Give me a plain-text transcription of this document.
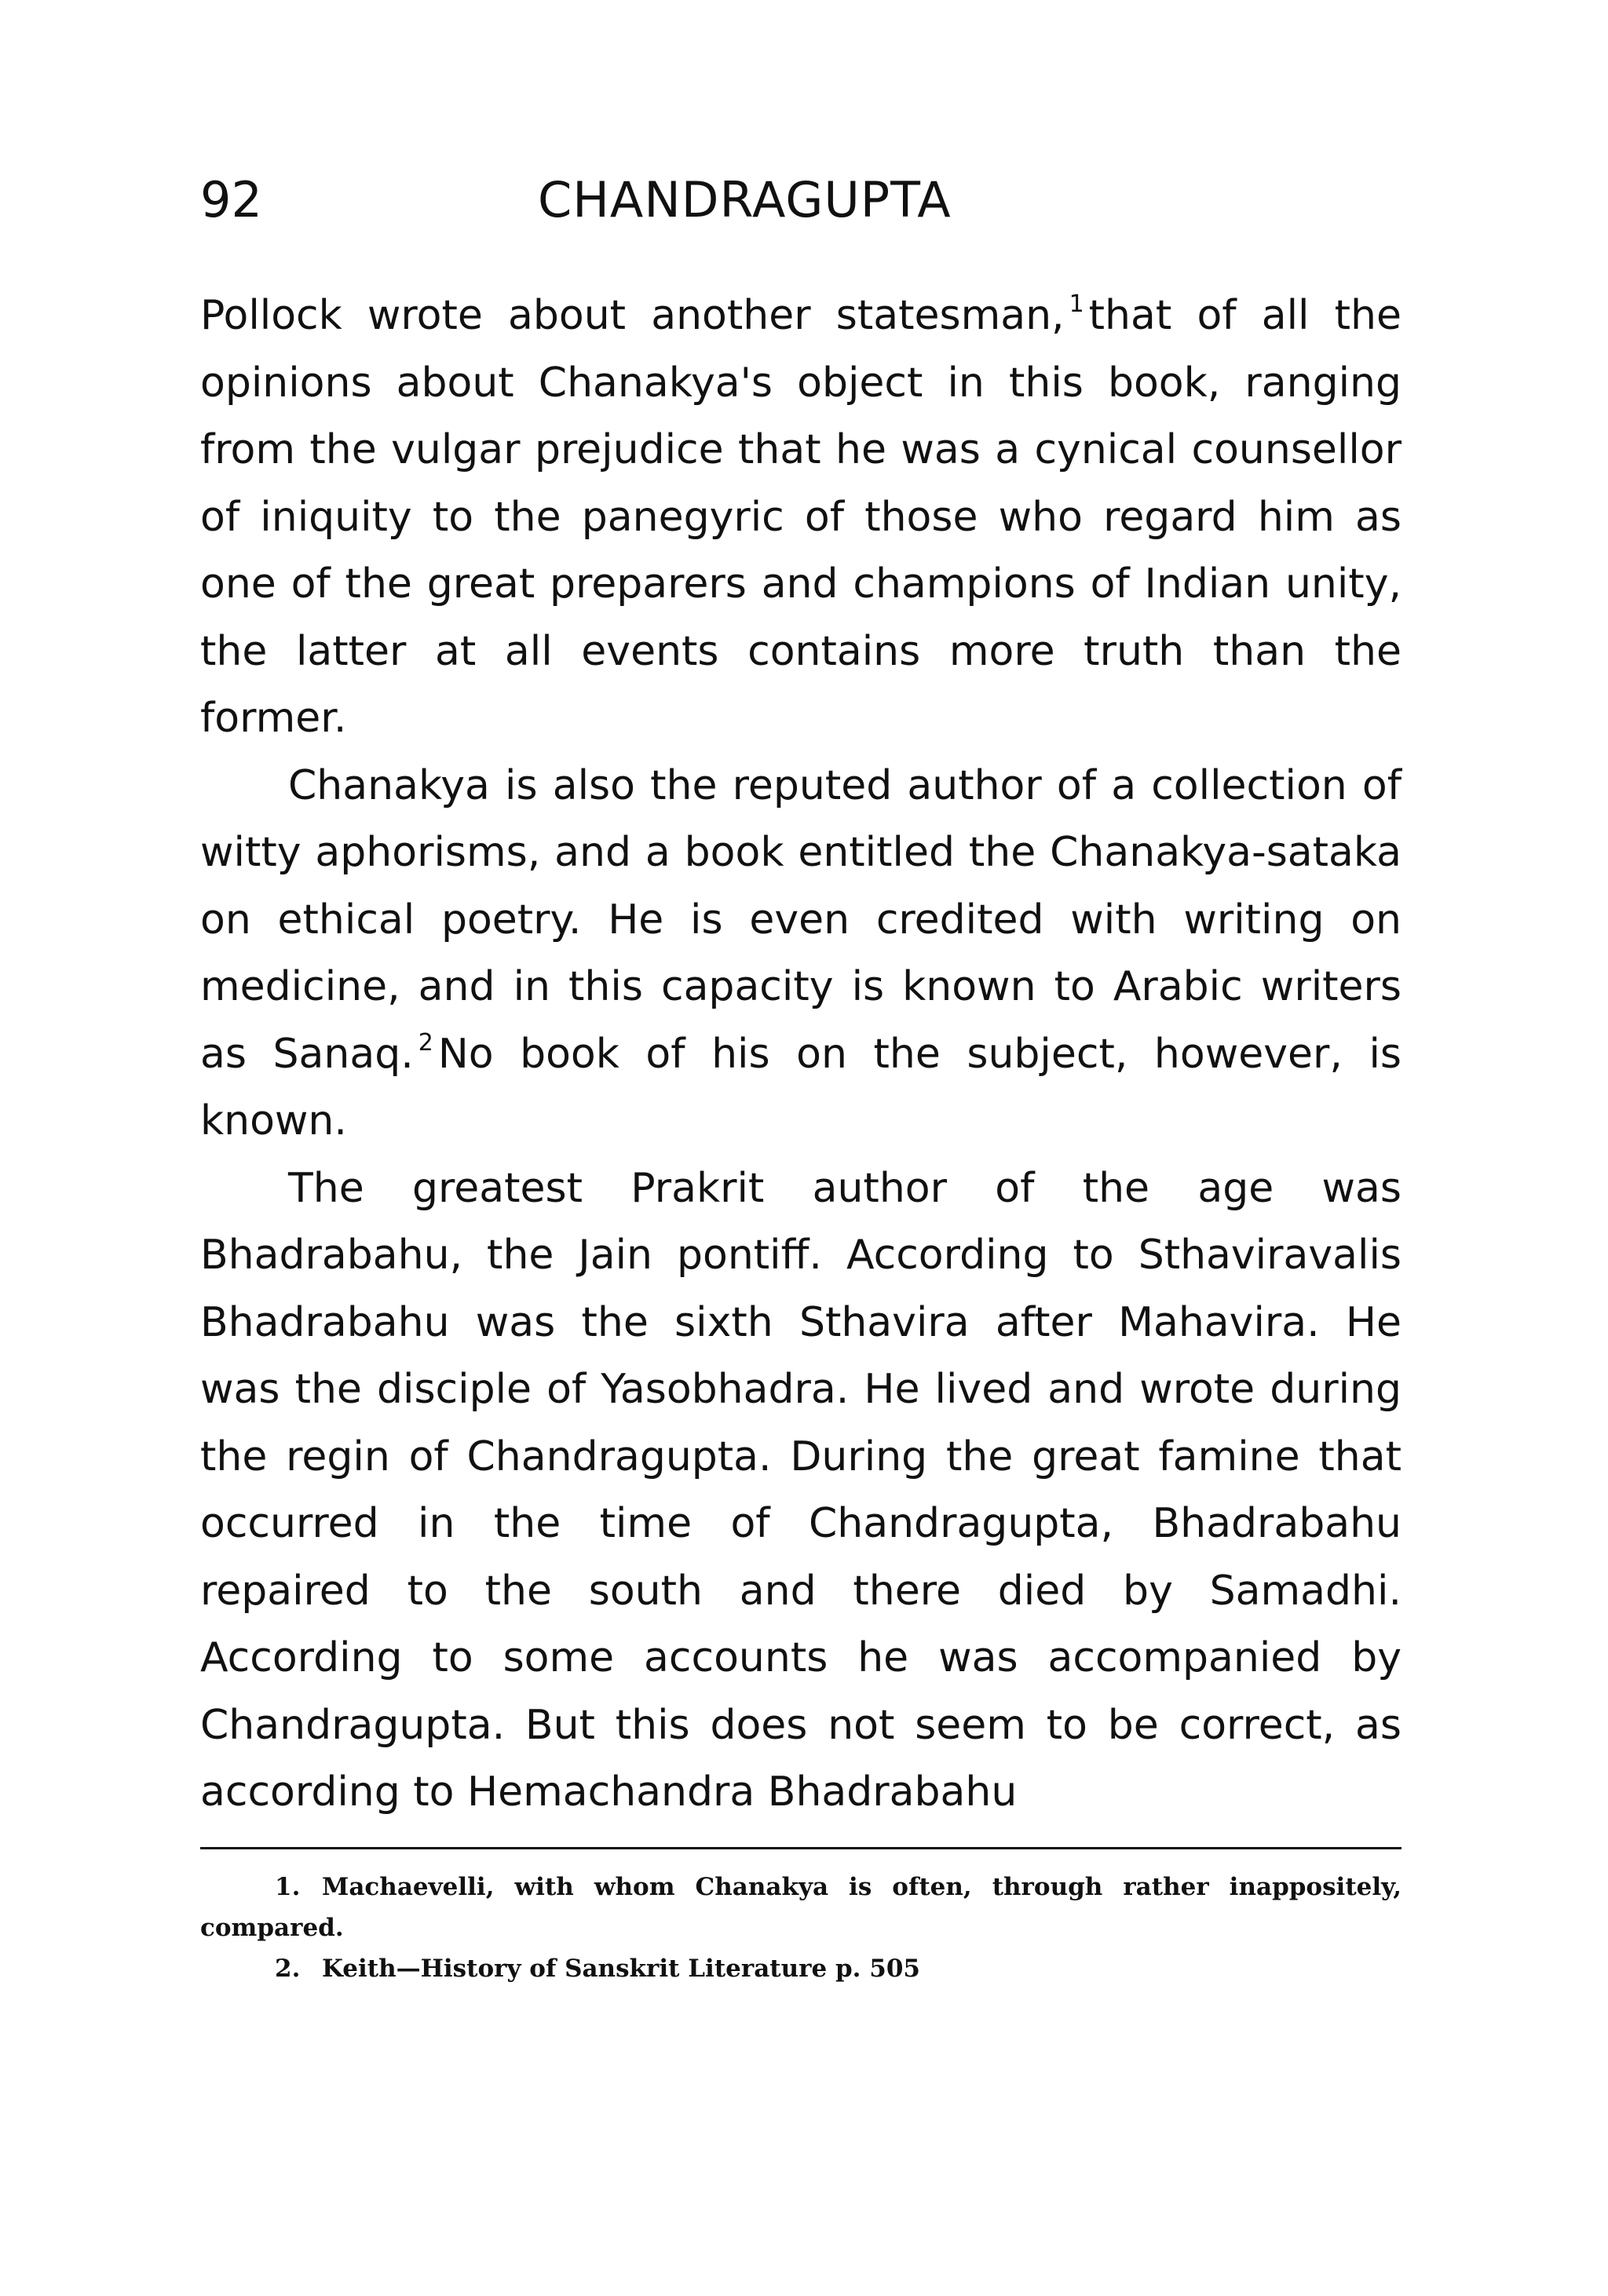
92	CHANDRAGUPTA

Pollock wrote about another statesman, $^1$ that of all the opinions about Chanakya's object in this book, ranging from the vulgar prejudice that he was a cynical counsellor of iniquity to the panegyric of those who regard him as one of the great preparers and champions of Indian unity, the latter at all events contains more truth than the former.

Chanakya is also the reputed author of a collection of witty aphorisms, and a book entitled the Chanakya-sataka on ethical poetry. He is even credited with writing on medicine, and in this capacity is known to Arabic writers as Sanaq. $^2$ No book of his on the subject, however, is known.

The greatest Prakrit author of the age was Bhadrabahu, the Jain pontiff. According to Sthaviravalis Bhadrabahu was the sixth Sthavira after Mahavira. He was the disciple of Yasobhadra. He lived and wrote during the regin of Chandragupta. During the great famine that occurred in the time of Chandragupta, Bhadrabahu repaired to the south and there died by Samadhi. According to some accounts he was accompanied by Chandragupta. But this does not seem to be correct, as according to Hemachandra Bhadrabahu

1. Machaevelli, with whom Chanakya is often, through rather inappositely, compared.

2. Keith—History of Sanskrit Literature p. 505
